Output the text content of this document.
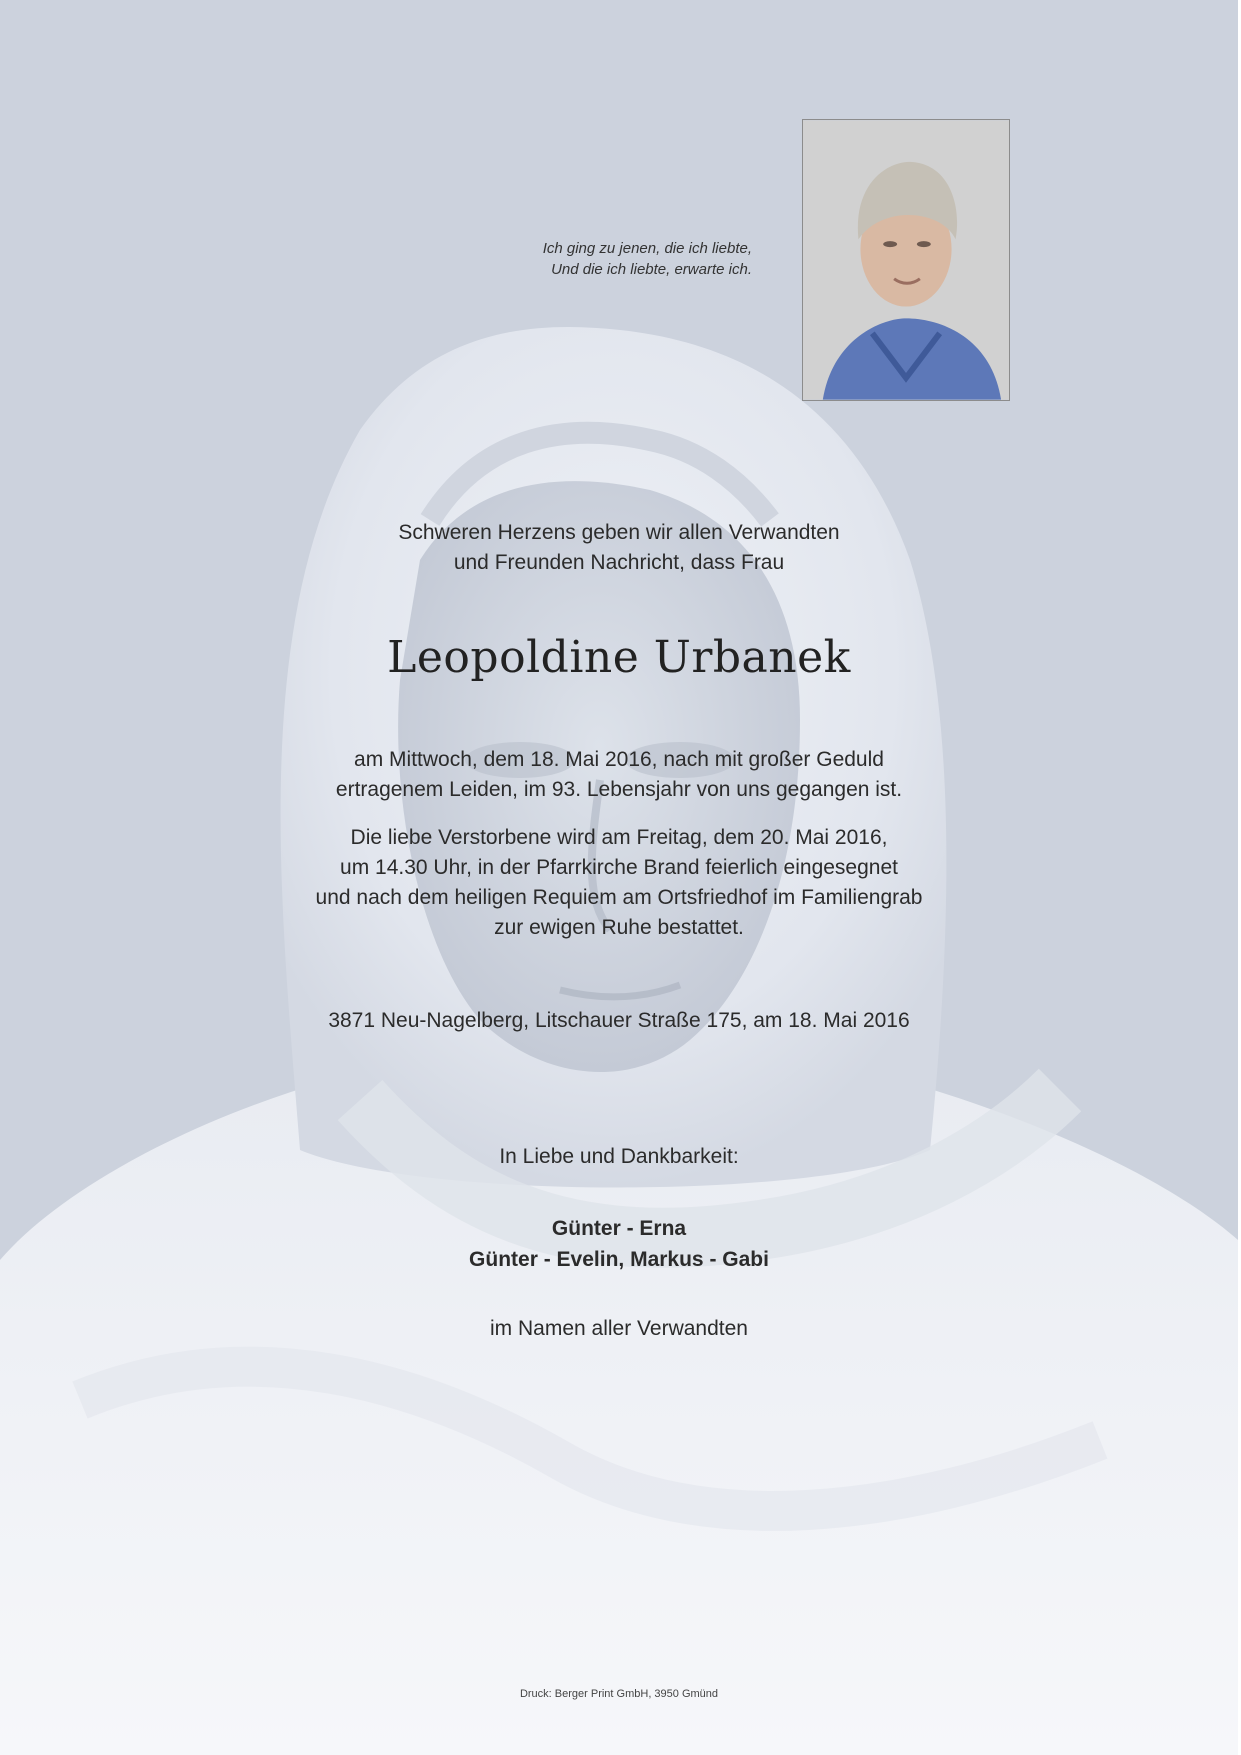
Ich ging zu jenen, die ich liebte,
Und die ich liebte, erwarte ich.
Schweren Herzens geben wir allen Verwandten
und Freunden Nachricht, dass Frau
Leopoldine Urbanek
am Mittwoch, dem 18. Mai 2016, nach mit großer Geduld
ertragenem Leiden, im 93. Lebensjahr von uns gegangen ist.
Die liebe Verstorbene wird am Freitag, dem 20. Mai 2016,
um 14.30 Uhr, in der Pfarrkirche Brand feierlich eingesegnet
und nach dem heiligen Requiem am Ortsfriedhof im Familiengrab
zur ewigen Ruhe bestattet.
3871 Neu-Nagelberg, Litschauer Straße 175, am 18. Mai 2016
In Liebe und Dankbarkeit:
Günter - Erna
Günter - Evelin, Markus - Gabi
im Namen aller Verwandten
Druck: Berger Print GmbH, 3950 Gmünd
